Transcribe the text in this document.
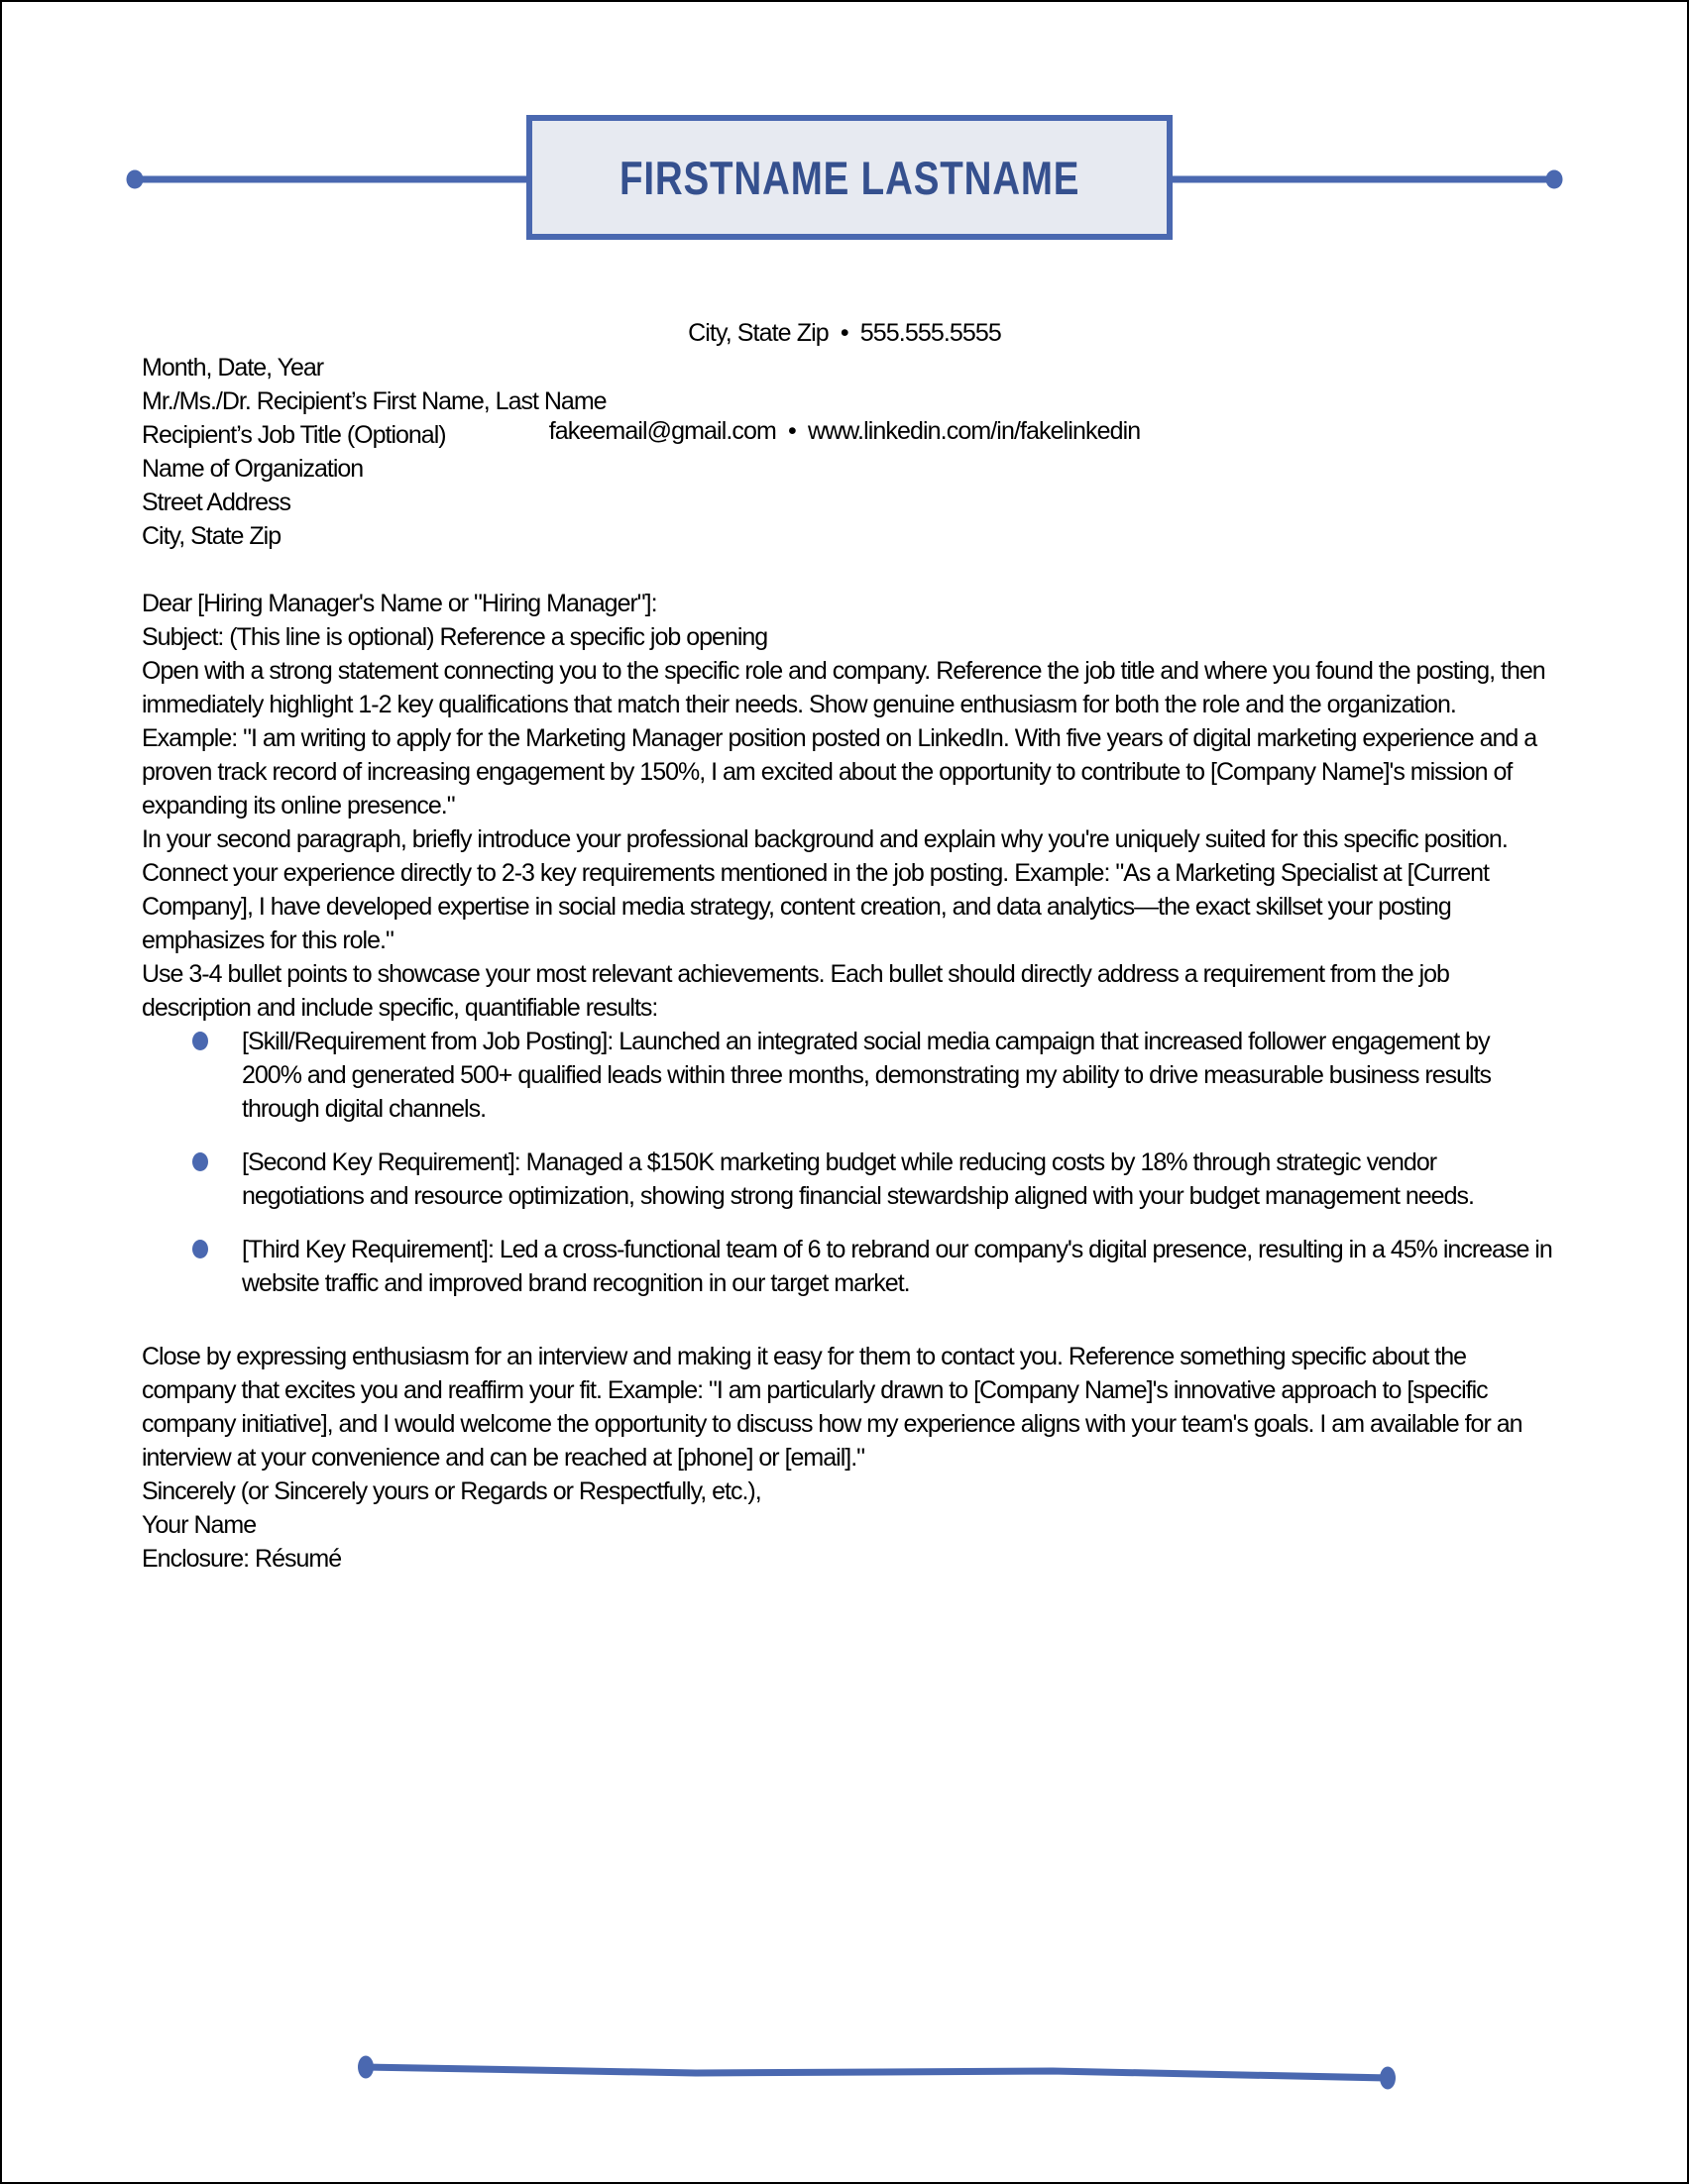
FIRSTNAME LASTNAME

City, State Zip  •  555.555.5555

fakeemail@gmail.com  •  www.linkedin.com/in/fakelinkedin

Month, Date, Year

Mr./Ms./Dr. Recipient’s First Name, Last Name

Recipient’s Job Title (Optional)

Name of Organization

Street Address

City, State Zip

Dear [Hiring Manager's Name or "Hiring Manager"]:

Subject: (This line is optional) Reference a specific job opening

Open with a strong statement connecting you to the specific role and company. Reference the job title and where you found the posting, then immediately highlight 1-2 key qualifications that match their needs. Show genuine enthusiasm for both the role and the organization. Example: "I am writing to apply for the Marketing Manager position posted on LinkedIn. With five years of digital marketing experience and a proven track record of increasing engagement by 150%, I am excited about the opportunity to contribute to [Company Name]'s mission of expanding its online presence."

In your second paragraph, briefly introduce your professional background and explain why you're uniquely suited for this specific position. Connect your experience directly to 2-3 key requirements mentioned in the job posting. Example: "As a Marketing Specialist at [Current Company], I have developed expertise in social media strategy, content creation, and data analytics—the exact skillset your posting emphasizes for this role."

Use 3-4 bullet points to showcase your most relevant achievements. Each bullet should directly address a requirement from the job description and include specific, quantifiable results:

[Skill/Requirement from Job Posting]: Launched an integrated social media campaign that increased follower engagement by 200% and generated 500+ qualified leads within three months, demonstrating my ability to drive measurable business results through digital channels.
[Second Key Requirement]: Managed a $150K marketing budget while reducing costs by 18% through strategic vendor negotiations and resource optimization, showing strong financial stewardship aligned with your budget management needs.
[Third Key Requirement]: Led a cross-functional team of 6 to rebrand our company's digital presence, resulting in a 45% increase in website traffic and improved brand recognition in our target market.

Close by expressing enthusiasm for an interview and making it easy for them to contact you. Reference something specific about the company that excites you and reaffirm your fit. Example: "I am particularly drawn to [Company Name]'s innovative approach to [specific company initiative], and I would welcome the opportunity to discuss how my experience aligns with your team's goals. I am available for an interview at your convenience and can be reached at [phone] or [email]."

Sincerely (or Sincerely yours or Regards or Respectfully, etc.),

Your Name

Enclosure: Résumé
